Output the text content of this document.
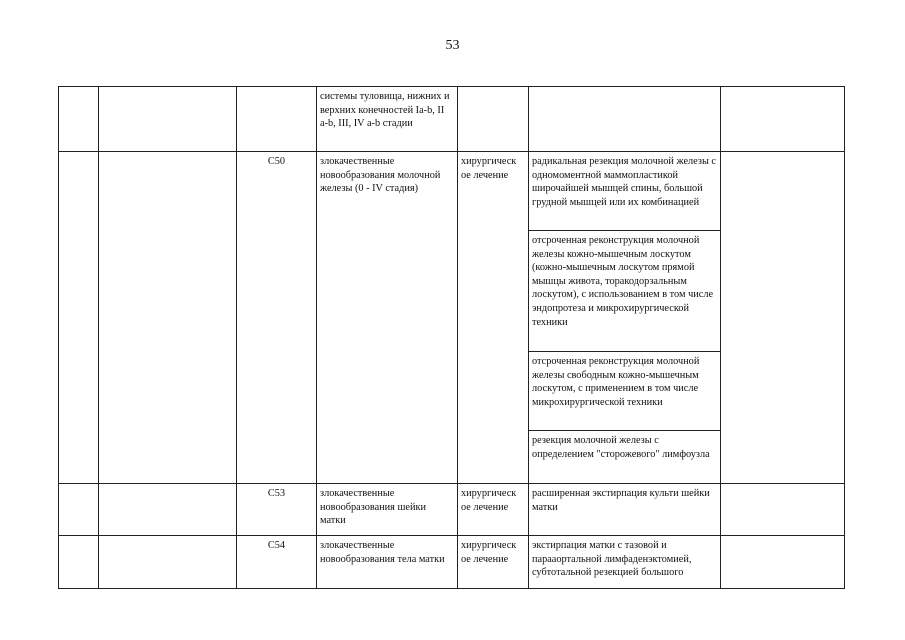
53
			системы туловища, нижних и верхних конечностей Ia-b, II a-b, III, IV a-b стадии			
		C50	злокачественные новообразования молочной железы (0 - IV стадия)	хирургическ ое лечение	радикальная резекция молочной железы с одномоментной маммопластикой широчайшей мышцей спины, большой грудной мышцей или их комбинацией	
					отсроченная реконструкция молочной железы кожно-мышечным лоскутом (кожно-мышечным лоскутом прямой мышцы живота, торакодорзальным лоскутом), с использованием в том числе эндопротеза и микрохирургической техники	
					отсроченная реконструкция молочной железы свободным кожно-мышечным лоскутом, с применением в том числе микрохирургической техники	
					резекция молочной железы с определением "сторожевого" лимфоузла	
		C53	злокачественные новообразования шейки матки	хирургическ ое лечение	расширенная экстирпация культи шейки матки	
		C54	злокачественные новообразования тела матки	хирургическ ое лечение	экстирпация матки с тазовой и парааортальной лимфаденэктомией, субтотальной резекцией большого	
